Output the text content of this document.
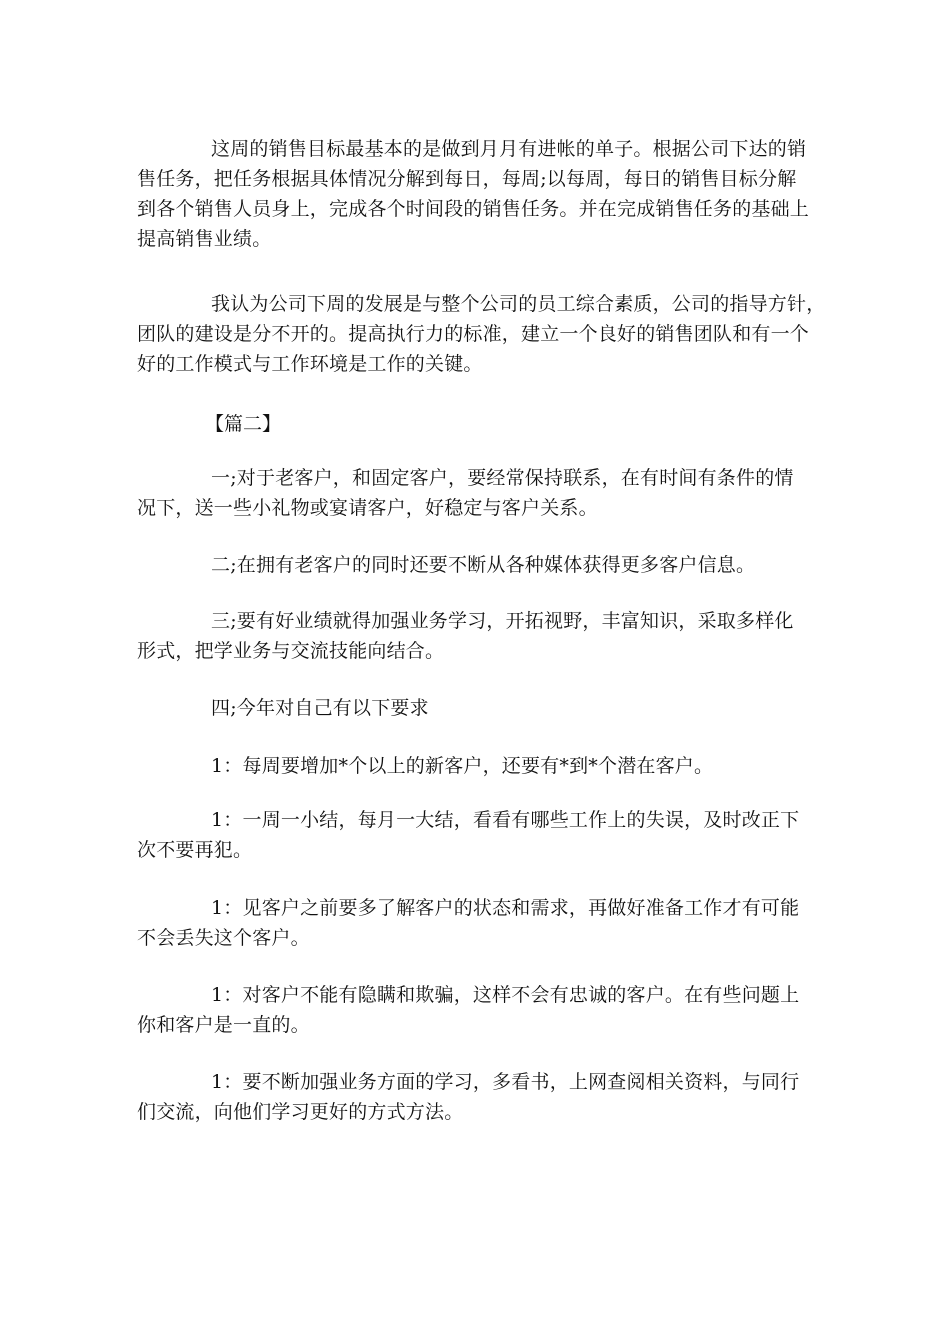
这周的销售目标最基本的是做到月月有进帐的单子。根据公司下达的销
售任务，把任务根据具体情况分解到每日，每周;以每周，每日的销售目标分解
到各个销售人员身上，完成各个时间段的销售任务。并在完成销售任务的基础上
提高销售业绩。
我认为公司下周的发展是与整个公司的员工综合素质，公司的指导方针，
团队的建设是分不开的。提高执行力的标准，建立一个良好的销售团队和有一个
好的工作模式与工作环境是工作的关键。
【篇二】
一;对于老客户，和固定客户，要经常保持联系，在有时间有条件的情
况下，送一些小礼物或宴请客户，好稳定与客户关系。
二;在拥有老客户的同时还要不断从各种媒体获得更多客户信息。
三;要有好业绩就得加强业务学习，开拓视野，丰富知识，采取多样化
形式，把学业务与交流技能向结合。
四;今年对自己有以下要求
1：每周要增加*个以上的新客户，还要有*到*个潜在客户。
1：一周一小结，每月一大结，看看有哪些工作上的失误，及时改正下
次不要再犯。
1：见客户之前要多了解客户的状态和需求，再做好准备工作才有可能
不会丢失这个客户。
1：对客户不能有隐瞒和欺骗，这样不会有忠诚的客户。在有些问题上
你和客户是一直的。
1：要不断加强业务方面的学习，多看书，上网查阅相关资料，与同行
们交流，向他们学习更好的方式方法。
